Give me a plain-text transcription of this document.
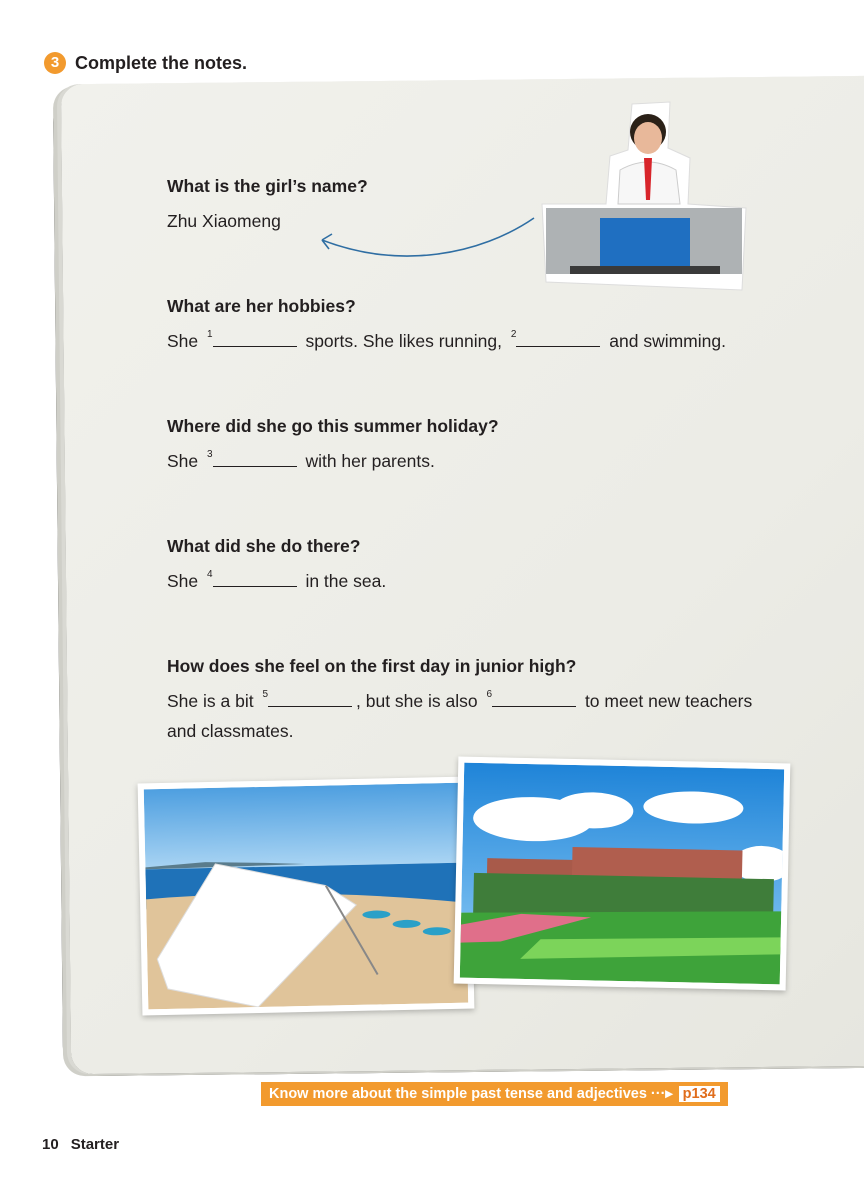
3 Complete the notes.
What is the girl’s name?
Zhu Xiaomeng
What are her hobbies?
She $^1$	sports. She likes running, $^2$	and swimming.
Where did she go this summer holiday?
She $^3$	with her parents.
What did she do there?
She $^4$	in the sea.
How does she feel on the first day in junior high?
She is a bit $^5$	, but she is also $^6$	to meet new teachers
and classmates.
Know more about the simple past tense and adjectives ···▸ p134
10 Starter
